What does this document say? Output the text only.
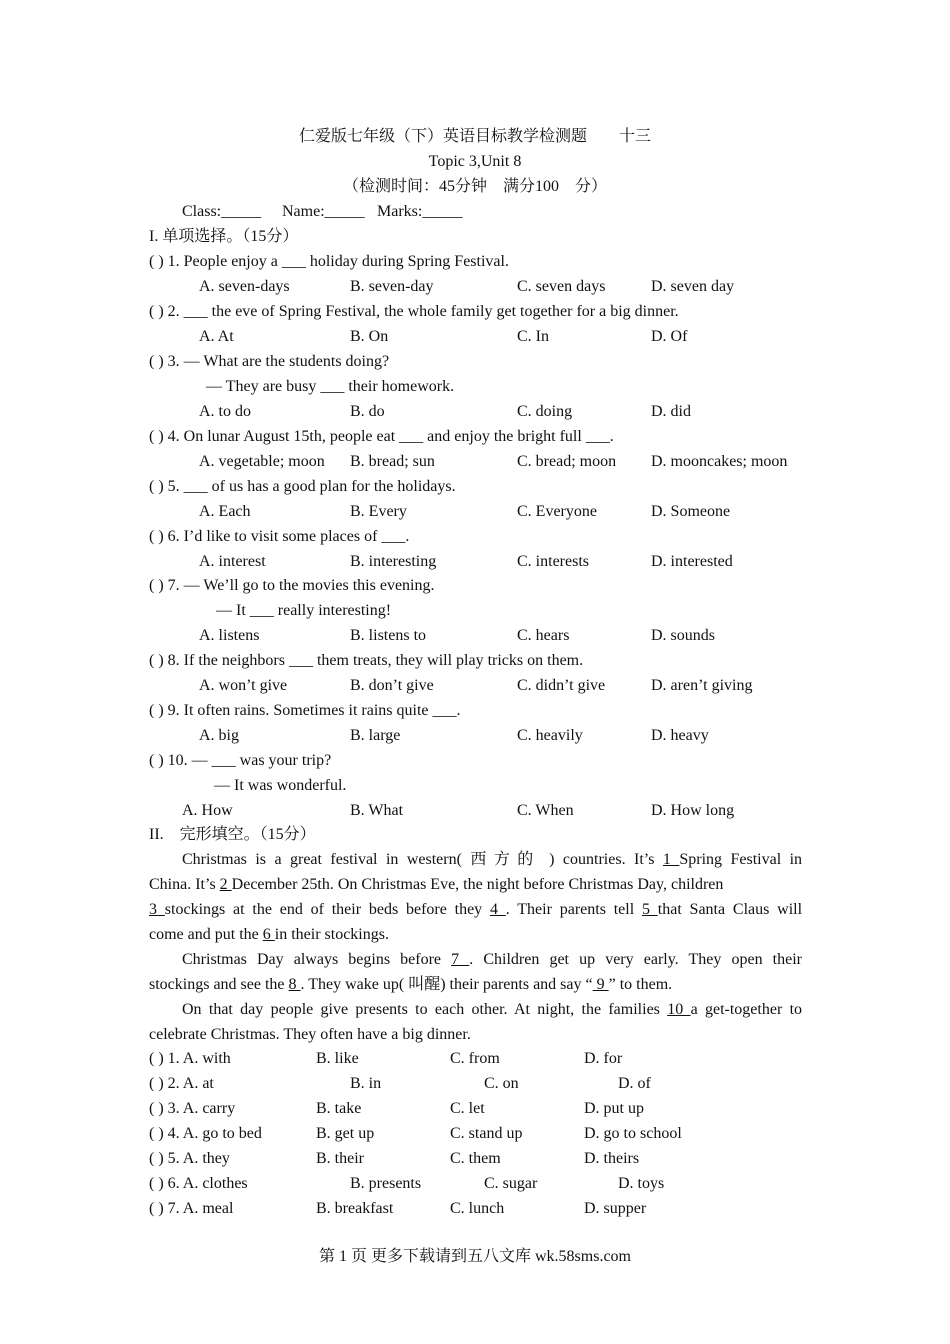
仁爱版七年级（下）英语目标教学检测题　　十三
Topic 3,Unit 8
（检测时间：45分钟　满分100　分）
Class:_____ Name:_____ Marks:_____
I. 单项选择。（15分）
( ) 1. People enjoy a ___ holiday during Spring Festival.
A. seven-days	B. seven-day	C. seven days	D. seven day
( ) 2. ___ the eve of Spring Festival, the whole family get together for a big dinner.
A. At	B. On	C. In	D. Of
( ) 3. — What are the students doing?
— They are busy ___ their homework.
A. to do	B. do	C. doing	D. did
( ) 4. On lunar August 15th, people eat ___ and enjoy the bright full ___.
A. vegetable; moon B. bread; sun	C. bread; moon D. mooncakes; moon
( ) 5. ___ of us has a good plan for the holidays.
A. Each	B. Every	C. Everyone	D. Someone
( ) 6. I’d like to visit some places of ___.
A. interest	B. interesting	C. interests	D. interested
( ) 7. — We’ll go to the movies this evening.
— It ___ really interesting!
A. listens	B. listens to	C. hears	D. sounds
( ) 8. If the neighbors ___ them treats, they will play tricks on them.
A. won’t give	B. don’t give	C. didn’t give	D. aren’t giving
( ) 9. It often rains. Sometimes it rains quite ___.
A. big	B. large	C. heavily	D. heavy
( ) 10. — ___ was your trip?
— It was wonderful.
A. How	B. What	C. When	D. How long
II.　完形填空。（15分）
Christmas is a great festival in western( 西方的 ) countries. It’s 1 Spring Festival in
China. It’s 2 December 25th. On Christmas Eve, the night before Christmas Day, children
3 stockings at the end of their beds before they 4 . Their parents tell 5 that Santa Claus will
come and put the 6 in their stockings.
Christmas Day always begins before 7 . Children get up very early. They open their
stockings and see the 8 . They wake up( 叫醒) their parents and say “ 9 ” to them.
On that day people give presents to each other. At night, the families 10 a get-together to
celebrate Christmas. They often have a big dinner.
( ) 1. A. with	B. like	C. from	D. for
( ) 2. A. at	B. in	C. on	D. of
( ) 3. A. carry	B. take	C. let	D. put up
( ) 4. A. go to bed	B. get up	C. stand up	D. go to school
( ) 5. A. they	B. their	C. them	D. theirs
( ) 6. A. clothes	B. presents	C. sugar	D. toys
( ) 7. A. meal	B. breakfast	C. lunch	D. supper
第 1 页 更多下载请到五八文库 wk.58sms.com
